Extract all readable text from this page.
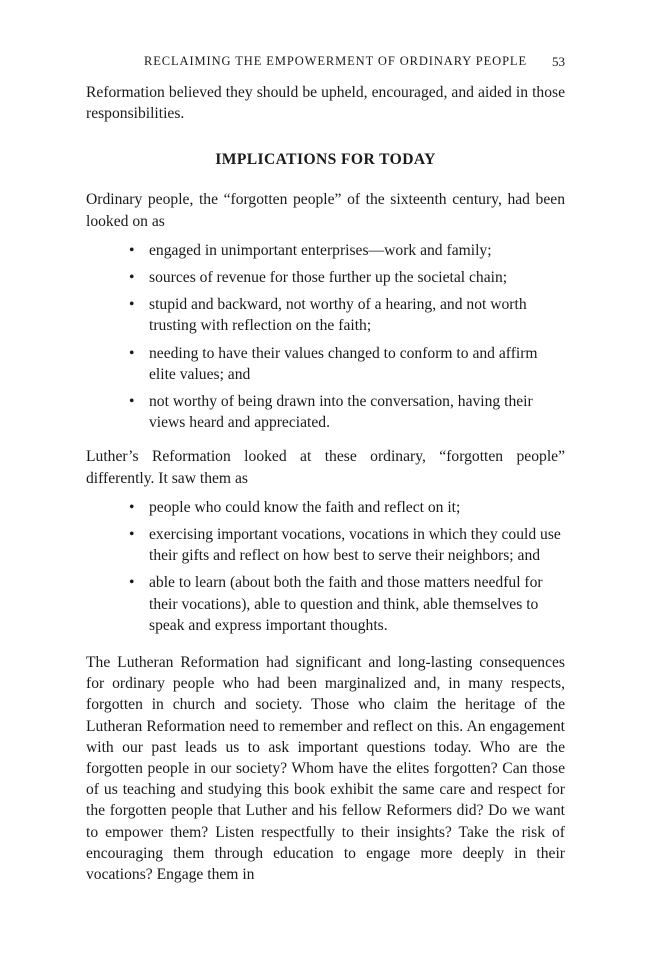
RECLAIMING THE EMPOWERMENT OF ORDINARY PEOPLE 53

Reformation believed they should be upheld, encouraged, and aided in those responsibilities.

IMPLICATIONS FOR TODAY

Ordinary people, the “forgotten people” of the sixteenth century, had been looked on as

• engaged in unimportant enterprises—work and family;
• sources of revenue for those further up the societal chain;
• stupid and backward, not worthy of a hearing, and not worth trusting with reflection on the faith;
• needing to have their values changed to conform to and affirm elite values; and
• not worthy of being drawn into the conversation, having their views heard and appreciated.

Luther’s Reformation looked at these ordinary, “forgotten people” differently. It saw them as

• people who could know the faith and reflect on it;
• exercising important vocations, vocations in which they could use their gifts and reflect on how best to serve their neighbors; and
• able to learn (about both the faith and those matters needful for their vocations), able to question and think, able themselves to speak and express important thoughts.

The Lutheran Reformation had significant and long-lasting consequences for ordinary people who had been marginalized and, in many respects, forgotten in church and society. Those who claim the heritage of the Lutheran Reformation need to remember and reflect on this. An engagement with our past leads us to ask important questions today. Who are the forgotten people in our society? Whom have the elites forgotten? Can those of us teaching and studying this book exhibit the same care and respect for the forgotten people that Luther and his fellow Reformers did? Do we want to empower them? Listen respectfully to their insights? Take the risk of encouraging them through education to engage more deeply in their vocations? Engage them in
